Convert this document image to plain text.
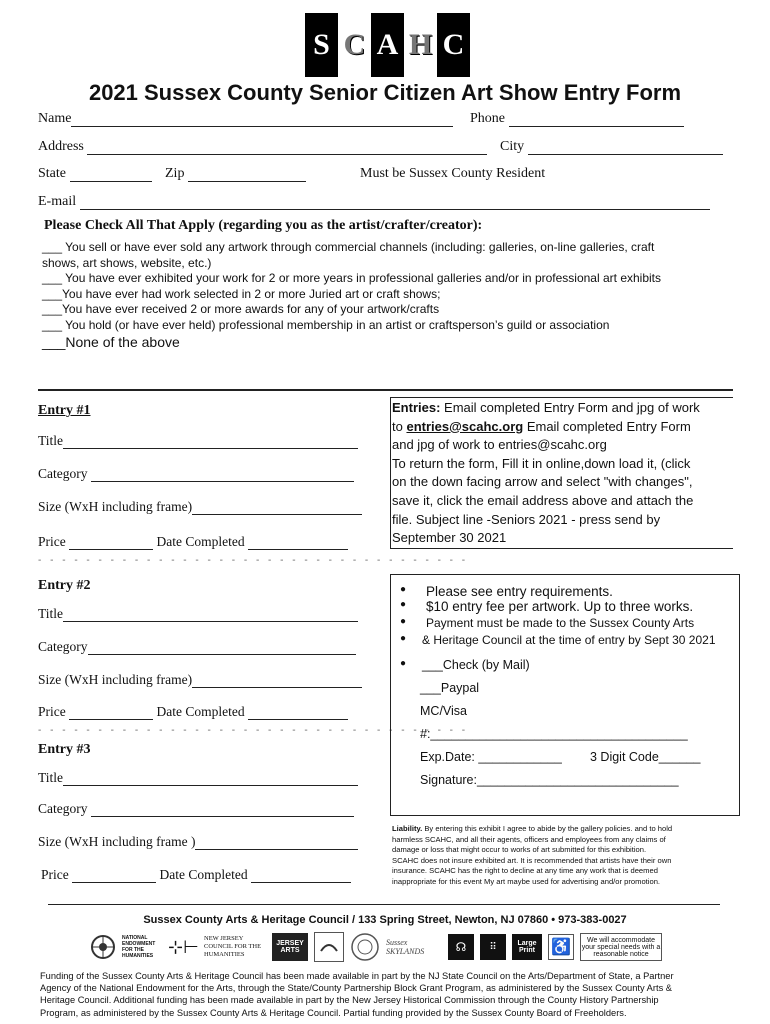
S C A H C
2021 Sussex County Senior Citizen Art Show Entry Form
Name	Phone
Address	City
State	Zip	Must be Sussex County Resident
E-mail
Please Check All That Apply (regarding you as the artist/crafter/creator):
___ You sell or have ever sold any artwork through commercial channels (including: galleries, on-line galleries, craft
shows, art shows, website, etc.)
___ You have ever exhibited your work for 2 or more years in professional galleries and/or in professional art exhibits
___You have ever had work selected in 2 or more Juried art or craft shows;
___You have ever received 2 or more awards for any of your artwork/crafts
___ You hold (or have ever held) professional membership in an artist or craftsperson’s guild or association
___None of the above
Entry #1
Title
Category
Size (WxH including frame)
Price	Date Completed
- - - - - - - - - - - - - - - - - - - - - - - - - - - - - - - - - - - -
Entry #2
Title
Category
Size (WxH including frame)
Price	Date Completed
- - - - - - - - - - - - - - - - - - - - - - - - - - - - - - - - - - - -
Entry #3
Title
Category
Size (WxH including frame )
Price	Date Completed
Entries: Email completed Entry Form and jpg of work
to entries@scahc.org Email completed Entry Form
and jpg of work to entries@scahc.org
To return the form, Fill it in online,down load it, (click
on the down facing arrow and select "with changes",
save it, click the email address above and attach the
file. Subject line -Seniors 2021 - press send by
September 30 2021
●	Please see entry requirements.
●	$10 entry fee per artwork. Up to three works.
●	Payment must be made to the Sussex County Arts
●	& Heritage Council at the time of entry by Sept 30 2021
●	___Check (by Mail)
___Paypal
MC/Visa
#:_____________________________________
Exp.Date: ____________	3 Digit Code______
Signature:_____________________________
Liability. By entering this exhibit I agree to abide by the gallery policies. and to hold
harmless SCAHC, and all their agents, officers and employees from any claims of
damage or loss that might occur to works of art submitted for this exhibition.
SCAHC does not insure exhibited art. It is recommended that artists have their own
insurance. SCAHC has the right to decline at any time any work that is deemed
inappropriate for this event My art maybe used for advertising and/or promotion.
Sussex County Arts & Heritage Council / 133 Spring Street, Newton, NJ 07860 • 973-383-0027
NATIONAL ENDOWMENT FOR THE HUMANITIES ⊹⊢ NEW JERSEY COUNCIL FOR THE HUMANITIES
JERSEY ARTS
Sussex SKYLANDS	☊	⠿	Large Print	♿	We will accommodate your special needs with a reasonable notice
Funding of the Sussex County Arts & Heritage Council has been made available in part by the NJ State Council on the Arts/Department of State, a Partner
Agency of the National Endowment for the Arts, through the State/County Partnership Block Grant Program, as administered by the Sussex County Arts &
Heritage Council. Additional funding has been made available in part by the New Jersey Historical Commission through the County History Partnership
Program, as administered by the Sussex County Arts & Heritage Council. Partial funding provided by the Sussex County Board of Freeholders.
